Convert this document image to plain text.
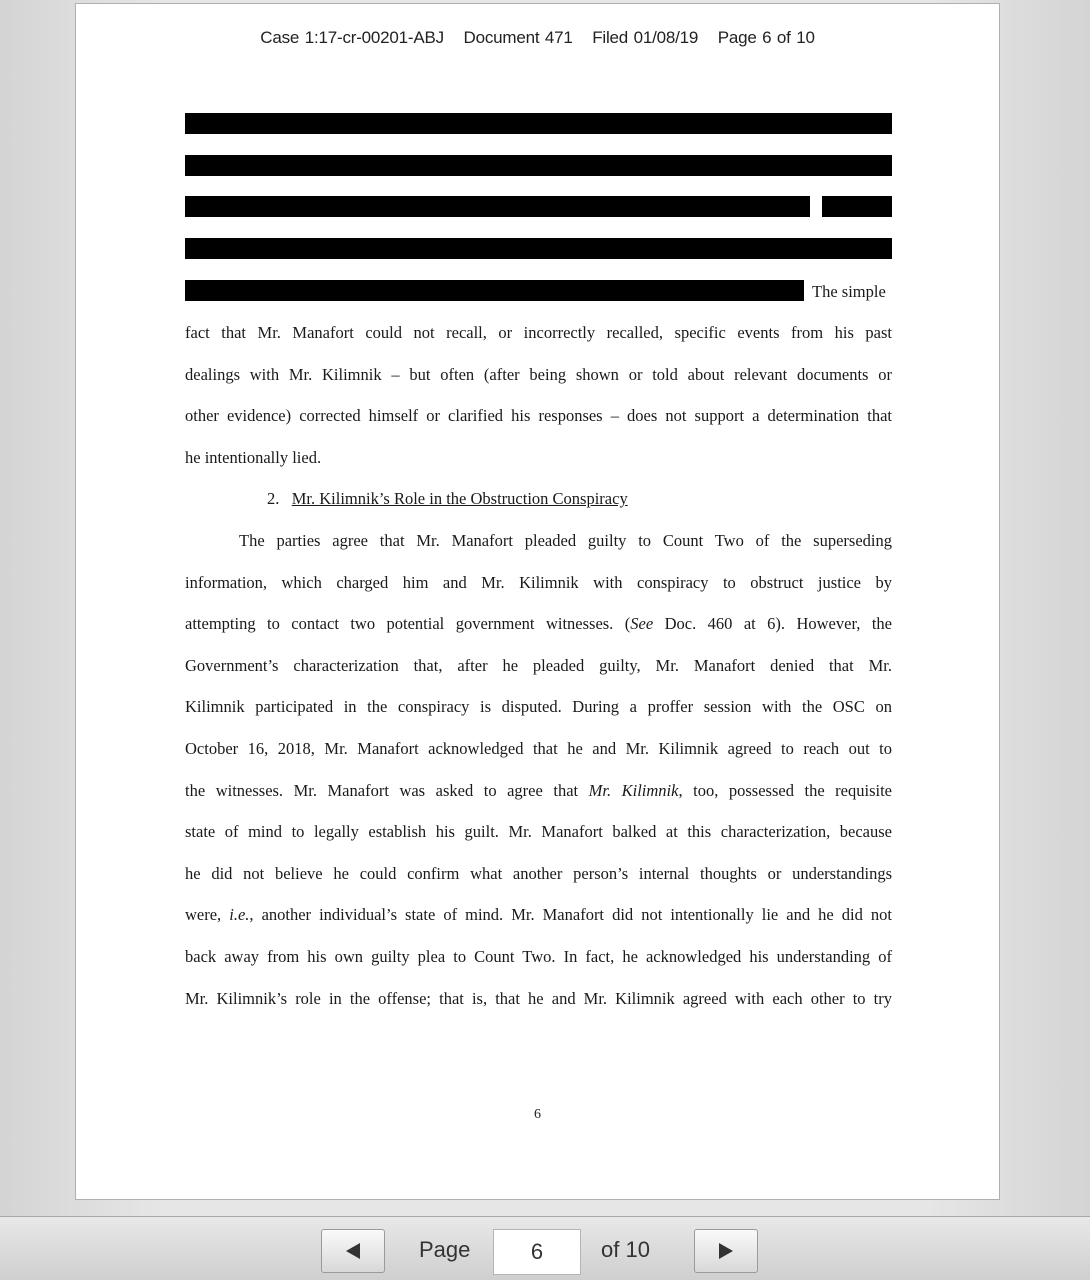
Case 1:17-cr-00201-ABJ Document 471 Filed 01/08/19 Page 6 of 10
The simple
fact that Mr. Manafort could not recall, or incorrectly recalled, specific events from his past
dealings with Mr. Kilimnik – but often (after being shown or told about relevant documents or
other evidence) corrected himself or clarified his responses – does not support a determination that
he intentionally lied.
2. Mr. Kilimnik’s Role in the Obstruction Conspiracy
The parties agree that Mr. Manafort pleaded guilty to Count Two of the superseding
information, which charged him and Mr. Kilimnik with conspiracy to obstruct justice by
attempting to contact two potential government witnesses. (See Doc. 460 at 6). However, the
Government’s characterization that, after he pleaded guilty, Mr. Manafort denied that Mr.
Kilimnik participated in the conspiracy is disputed. During a proffer session with the OSC on
October 16, 2018, Mr. Manafort acknowledged that he and Mr. Kilimnik agreed to reach out to
the witnesses. Mr. Manafort was asked to agree that Mr. Kilimnik, too, possessed the requisite
state of mind to legally establish his guilt. Mr. Manafort balked at this characterization, because
he did not believe he could confirm what another person’s internal thoughts or understandings
were, i.e., another individual’s state of mind. Mr. Manafort did not intentionally lie and he did not
back away from his own guilty plea to Count Two. In fact, he acknowledged his understanding of
Mr. Kilimnik’s role in the offense; that is, that he and Mr. Kilimnik agreed with each other to try
6
Page
6	of 10
